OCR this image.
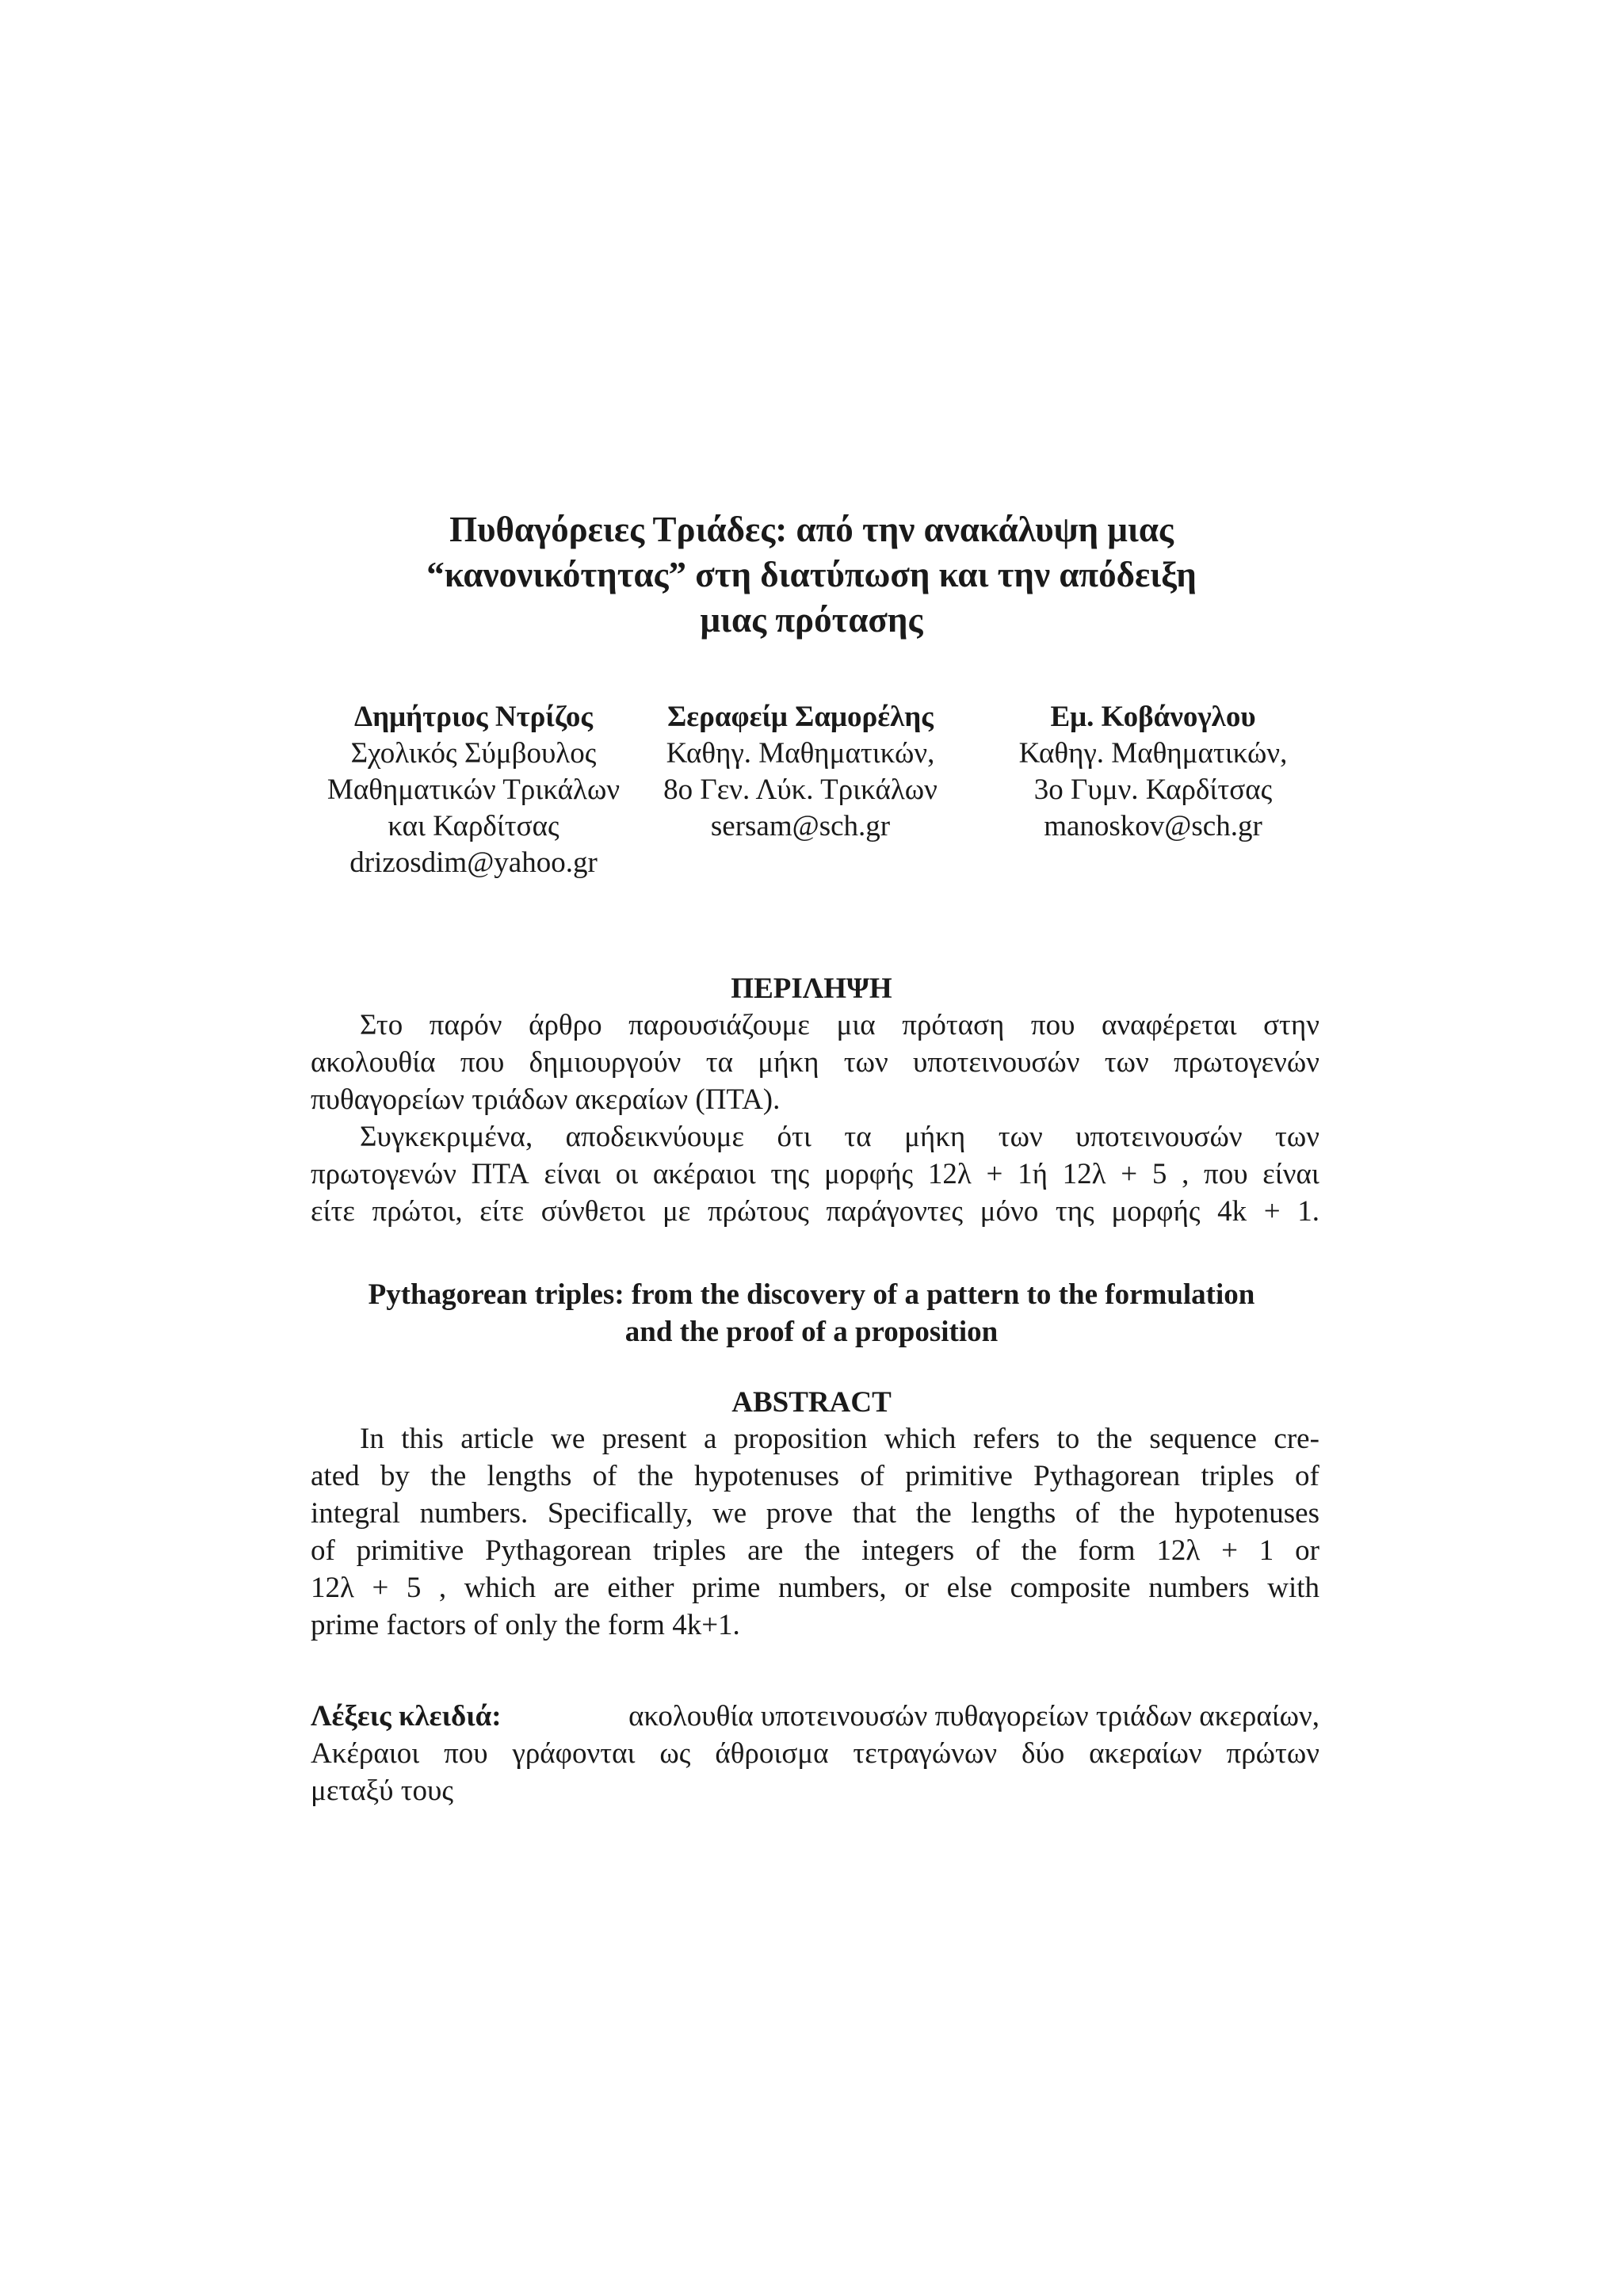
Πυθαγόρειες Τριάδες: από την ανακάλυψη μιας
“κανονικότητας” στη διατύπωση και την απόδειξη
μιας πρότασης
Δημήτριος Ντρίζος
Σχολικός Σύμβουλος
Μαθηματικών Τρικάλων
και Καρδίτσας
drizosdim@yahoo.gr
Σεραφείμ Σαμορέλης
Καθηγ. Μαθηματικών,
8ο Γεν. Λύκ. Τρικάλων
sersam@sch.gr
Εμ. Κοβάνογλου
Καθηγ. Μαθηματικών,
3ο Γυμν. Καρδίτσας
manoskov@sch.gr
ΠΕΡΙΛΗΨΗ
Στο παρόν άρθρο παρουσιάζουμε μια πρόταση που αναφέρεται στην
ακολουθία που δημιουργούν τα μήκη των υποτεινουσών των πρωτογενών
πυθαγορείων τριάδων ακεραίων (ΠΤΑ).
Συγκεκριμένα, αποδεικνύουμε ότι τα μήκη των υποτεινουσών των
πρωτογενών ΠΤΑ είναι οι ακέραιοι της μορφής 12λ + 1ή 12λ + 5 , που είναι
είτε πρώτοι, είτε σύνθετοι με πρώτους παράγοντες μόνο της μορφής 4k + 1.
Pythagorean triples: from the discovery of a pattern to the formulation
and the proof of a proposition
ABSTRACT
In this article we present a proposition which refers to the sequence cre-
ated by the lengths of the hypotenuses of primitive Pythagorean triples of
integral numbers. Specifically, we prove that the lengths of the hypotenuses
of primitive Pythagorean triples are the integers of the form 12λ + 1 or
12λ + 5 , which are either prime numbers, or else composite numbers with
prime factors of only the form 4k+1.
Λέξεις κλειδιά:	ακολουθία υποτεινουσών πυθαγορείων τριάδων ακεραίων,
Ακέραιοι που γράφονται ως άθροισμα τετραγώνων δύο ακεραίων πρώτων
μεταξύ τους
